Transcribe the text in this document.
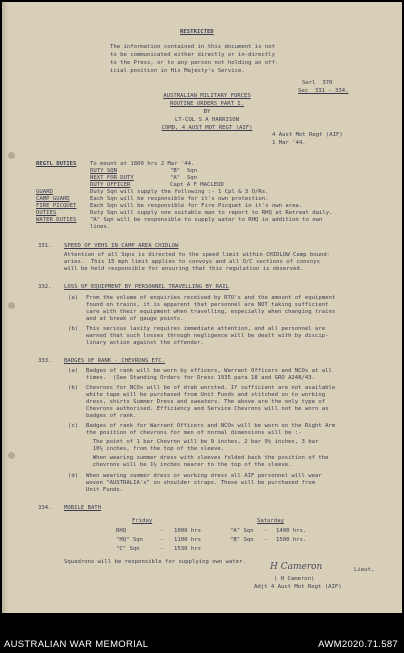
RESTRICTED
The information contained in this document is not
to be communicated either directly or in-directly
to the Press, or to any person not holding an off-
icial position in His Majesty's Service.
Serl  370
Sec  331 - 334.
AUSTRALIAN MILITARY FORCES
ROUTINE ORDERS PART I.
BY
LT-COL S A HARRISON
COMD, 4 AUST MOT REGT (AIF)
4 Aust Mot Regt (AIF)
1 Mar '44.
REGTL DUTIES To mount at 1800 hrs 2 Mar '44.
DUTY SQN	"B"  Sqn
NEXT FOR DUTY	"A"  Sqn
DUTY OFFICER	Capt A F MACLEOD
GUARD
CAMP GUARD
FIRE PICQUET
DUTIES
WATER DUTIES
Duty Sqn will supply the following :- 1 Cpl & 3 O/Rs.
Each Sqn will be responsible for it's own protection.
Each Sqn will be responsible for Fire Picquet in it's own area.
Duty Sqn will supply one suitable man to report to RHQ at Retreat daily.
"A" Sqn will be responsible to supply water to RHQ in addition to own
lines.
331. SPEED OF VEHS IN CAMP AREA CHIDLOW
Attention of all Sqns is directed to the speed limit within CHIDLOW Camp bound-
aries.  This 15 mph limit applies to convoys and all O/C sections of convoys
will be held responsible for ensuring that this regulation is observed.
332. LOSS OF EQUIPMENT BY PERSONNEL TRAVELLING BY RAIL
(a) From the volume of enquiries received by RTO's and the amount of equipment
found on trains, it is apparent that personnel are NOT taking sufficient
care with their equipment when travelling, especially when changing trains
and at break of gauge points.
(b) This serious laxity requires immediate attention, and all personnel are
warned that such losses through negligence will be dealt with by discip-
linary action against the offender.
333. BADGES OF RANK - CHEVRONS ETC.
(a) Badges of rank will be worn by officers, Warrant Officers and NCOs at all
times.  (See Standing Orders for Dress 1935 para 18 and GRO A248/43.
(b) Chevrons for NCOs will be of drab worsted. If sufficient are not available
white tape will be purchased from Unit Funds and stitched on to working
dress, shirts Summer Dress and sweaters. The above are the only type of
Chevrons authorised. Efficiency and Service Chevrons will not be worn as
badges of rank.
(c) Badges of rank for Warrant Officers and NCOs will be worn on the Right Arm
the position of chevrons for men of normal dimensions will be :-
The point of 1 bar Chevron will be 9 inches, 2 bar 9½ inches, 3 bar
10½ inches, from the top of the sleeve.
When wearing summer dress with sleeves folded back the position of the
chevrons will be 1½ inches nearer to the top of the sleeve.
(d) When wearing summer dress or working dress all AIF personnel will wear
woven "AUSTRALIA's" on shoulder straps. These will be purchased from
Unit Funds.
334. MOBILE BATH
Friday	Saturday
RHQ	- 1000 hrs
"HQ" Sqn	- 1100 hrs
"C" Sqn	- 1530 hrs
"A" Sqn - 1400 hrs.
"B" Sqn - 1500 hrs.
Squadrons will be responsible for supplying own water.	H Cameron	Lieut,
( H Cameron)
Adjt 4 Aust Mot Regt (AIF)
AUSTRALIAN WAR MEMORIAL	AWM2020.71.587
